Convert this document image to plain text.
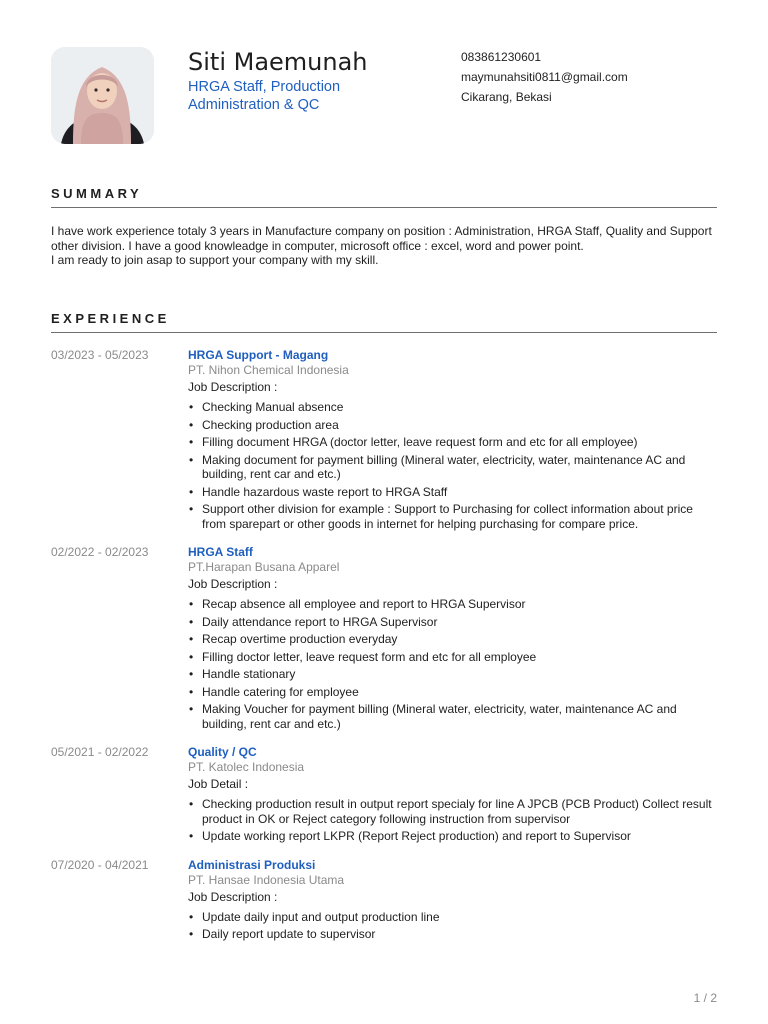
Siti Maemunah
HRGA Staff, Production Administration & QC
083861230601
maymunahsiti0811@gmail.com
Cikarang, Bekasi
SUMMARY
I have work experience totaly 3 years in Manufacture company on position : Administration, HRGA Staff, Quality and Support other division. I have a good knowleadge in computer, microsoft office : excel, word and power point.
I am ready to join asap to support your company with my skill.
EXPERIENCE
03/2023 - 05/2023	HRGA Support - Magang
PT. Nihon Chemical Indonesia
Job Description :
• Checking Manual absence
• Checking production area
• Filling document HRGA (doctor letter, leave request form and etc for all employee)
• Making document for payment billing (Mineral water, electricity, water, maintenance AC and building, rent car and etc.)
• Handle hazardous waste report to HRGA Staff
• Support other division for example : Support to Purchasing for collect information about price from sparepart or other goods in internet for helping purchasing for compare price.
02/2022 - 02/2023	HRGA Staff
PT.Harapan Busana Apparel
Job Description :
• Recap absence all employee and report to HRGA Supervisor
• Daily attendance report to HRGA Supervisor
• Recap overtime production everyday
• Filling doctor letter, leave request form and etc for all employee
• Handle stationary
• Handle catering for employee
• Making Voucher for payment billing (Mineral water, electricity, water, maintenance AC and building, rent car and etc.)
05/2021 - 02/2022	Quality / QC
PT. Katolec Indonesia
Job Detail :
• Checking production result in output report specialy for line A JPCB (PCB Product) Collect result product in OK or Reject category following instruction from supervisor
• Update working report LKPR (Report Reject production) and report to Supervisor
07/2020 - 04/2021	Administrasi Produksi
PT. Hansae Indonesia Utama
Job Description :
• Update daily input and output production line
• Daily report update to supervisor
1 / 2
